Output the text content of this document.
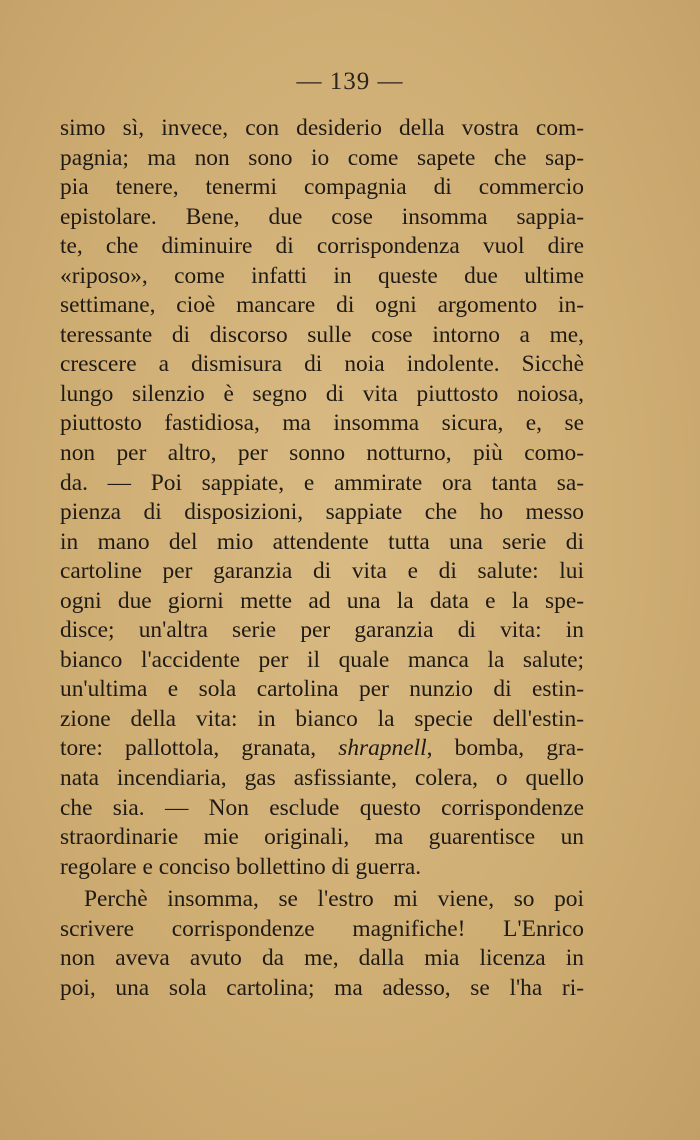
— 139 —
simo sì, invece, con desiderio della vostra com-
pagnia; ma non sono io come sapete che sap-
pia tenere, tenermi compagnia di commercio
epistolare. Bene, due cose insomma sappia-
te, che diminuire di corrispondenza vuol dire
«riposo», come infatti in queste due ultime
settimane, cioè mancare di ogni argomento in-
teressante di discorso sulle cose intorno a me,
crescere a dismisura di noia indolente. Sicchè
lungo silenzio è segno di vita piuttosto noiosa,
piuttosto fastidiosa, ma insomma sicura, e, se
non per altro, per sonno notturno, più como-
da. — Poi sappiate, e ammirate ora tanta sa-
pienza di disposizioni, sappiate che ho messo
in mano del mio attendente tutta una serie di
cartoline per garanzia di vita e di salute: lui
ogni due giorni mette ad una la data e la spe-
disce; un'altra serie per garanzia di vita: in
bianco l'accidente per il quale manca la salute;
un'ultima e sola cartolina per nunzio di estin-
zione della vita: in bianco la specie dell'estin-
tore: pallottola, granata, shrapnell, bomba, gra-
nata incendiaria, gas asfissiante, colera, o quello
che sia. — Non esclude questo corrispondenze
straordinarie mie originali, ma guarentisce un
regolare e conciso bollettino di guerra.
Perchè insomma, se l'estro mi viene, so poi
scrivere corrispondenze magnifiche! L'Enrico
non aveva avuto da me, dalla mia licenza in
poi, una sola cartolina; ma adesso, se l'ha ri-
